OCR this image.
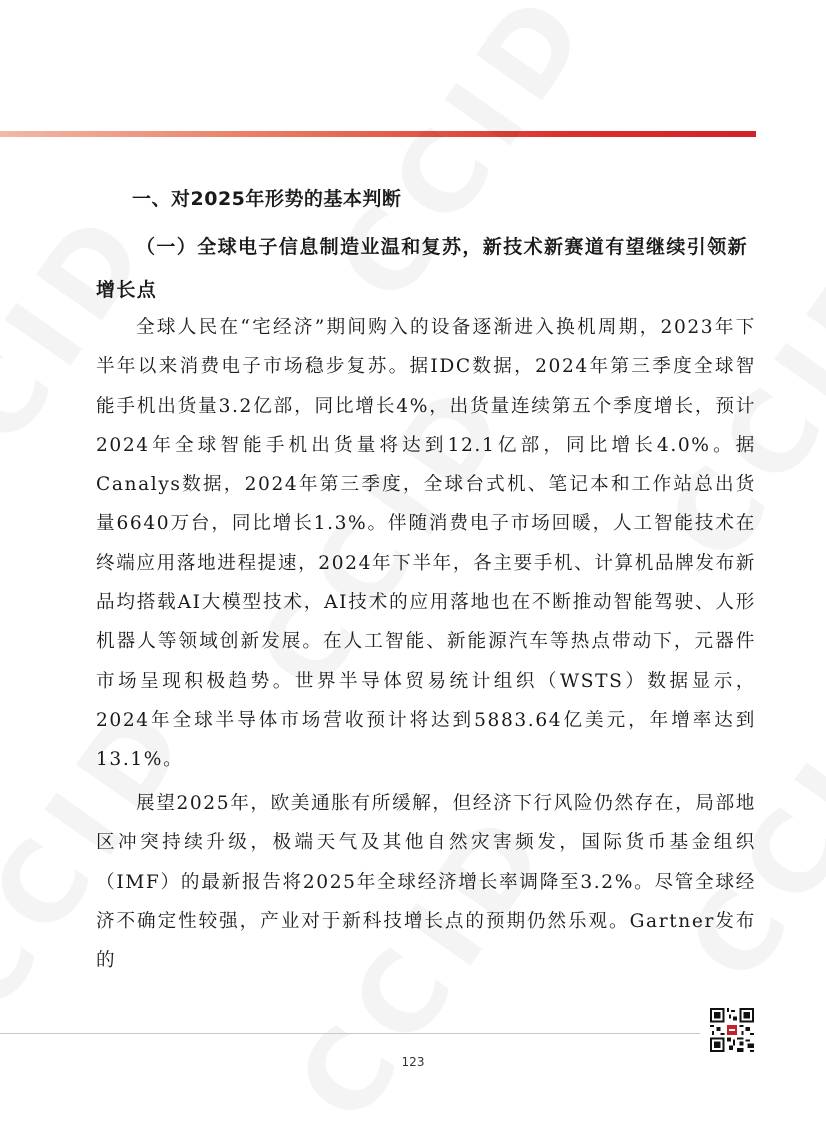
一、对2025年形势的基本判断
（一）全球电子信息制造业温和复苏，新技术新赛道有望继续引领新增长点
全球人民在“宅经济”期间购入的设备逐渐进入换机周期，2023年下半年以来消费电子市场稳步复苏。据IDC数据，2024年第三季度全球智能手机出货量3.2亿部，同比增长4%，出货量连续第五个季度增长，预计2024年全球智能手机出货量将达到12.1亿部，同比增长4.0%。据Canalys数据，2024年第三季度，全球台式机、笔记本和工作站总出货量6640万台，同比增长1.3%。伴随消费电子市场回暖，人工智能技术在终端应用落地进程提速，2024年下半年，各主要手机、计算机品牌发布新品均搭载AI大模型技术，AI技术的应用落地也在不断推动智能驾驶、人形机器人等领域创新发展。在人工智能、新能源汽车等热点带动下，元器件市场呈现积极趋势。世界半导体贸易统计组织（WSTS）数据显示，2024年全球半导体市场营收预计将达到5883.64亿美元，年增率达到13.1%。
展望2025年，欧美通胀有所缓解，但经济下行风险仍然存在，局部地区冲突持续升级，极端天气及其他自然灾害频发，国际货币基金组织（IMF）的最新报告将2025年全球经济增长率调降至3.2%。尽管全球经济不确定性较强，产业对于新科技增长点的预期仍然乐观。Gartner发布的
123
